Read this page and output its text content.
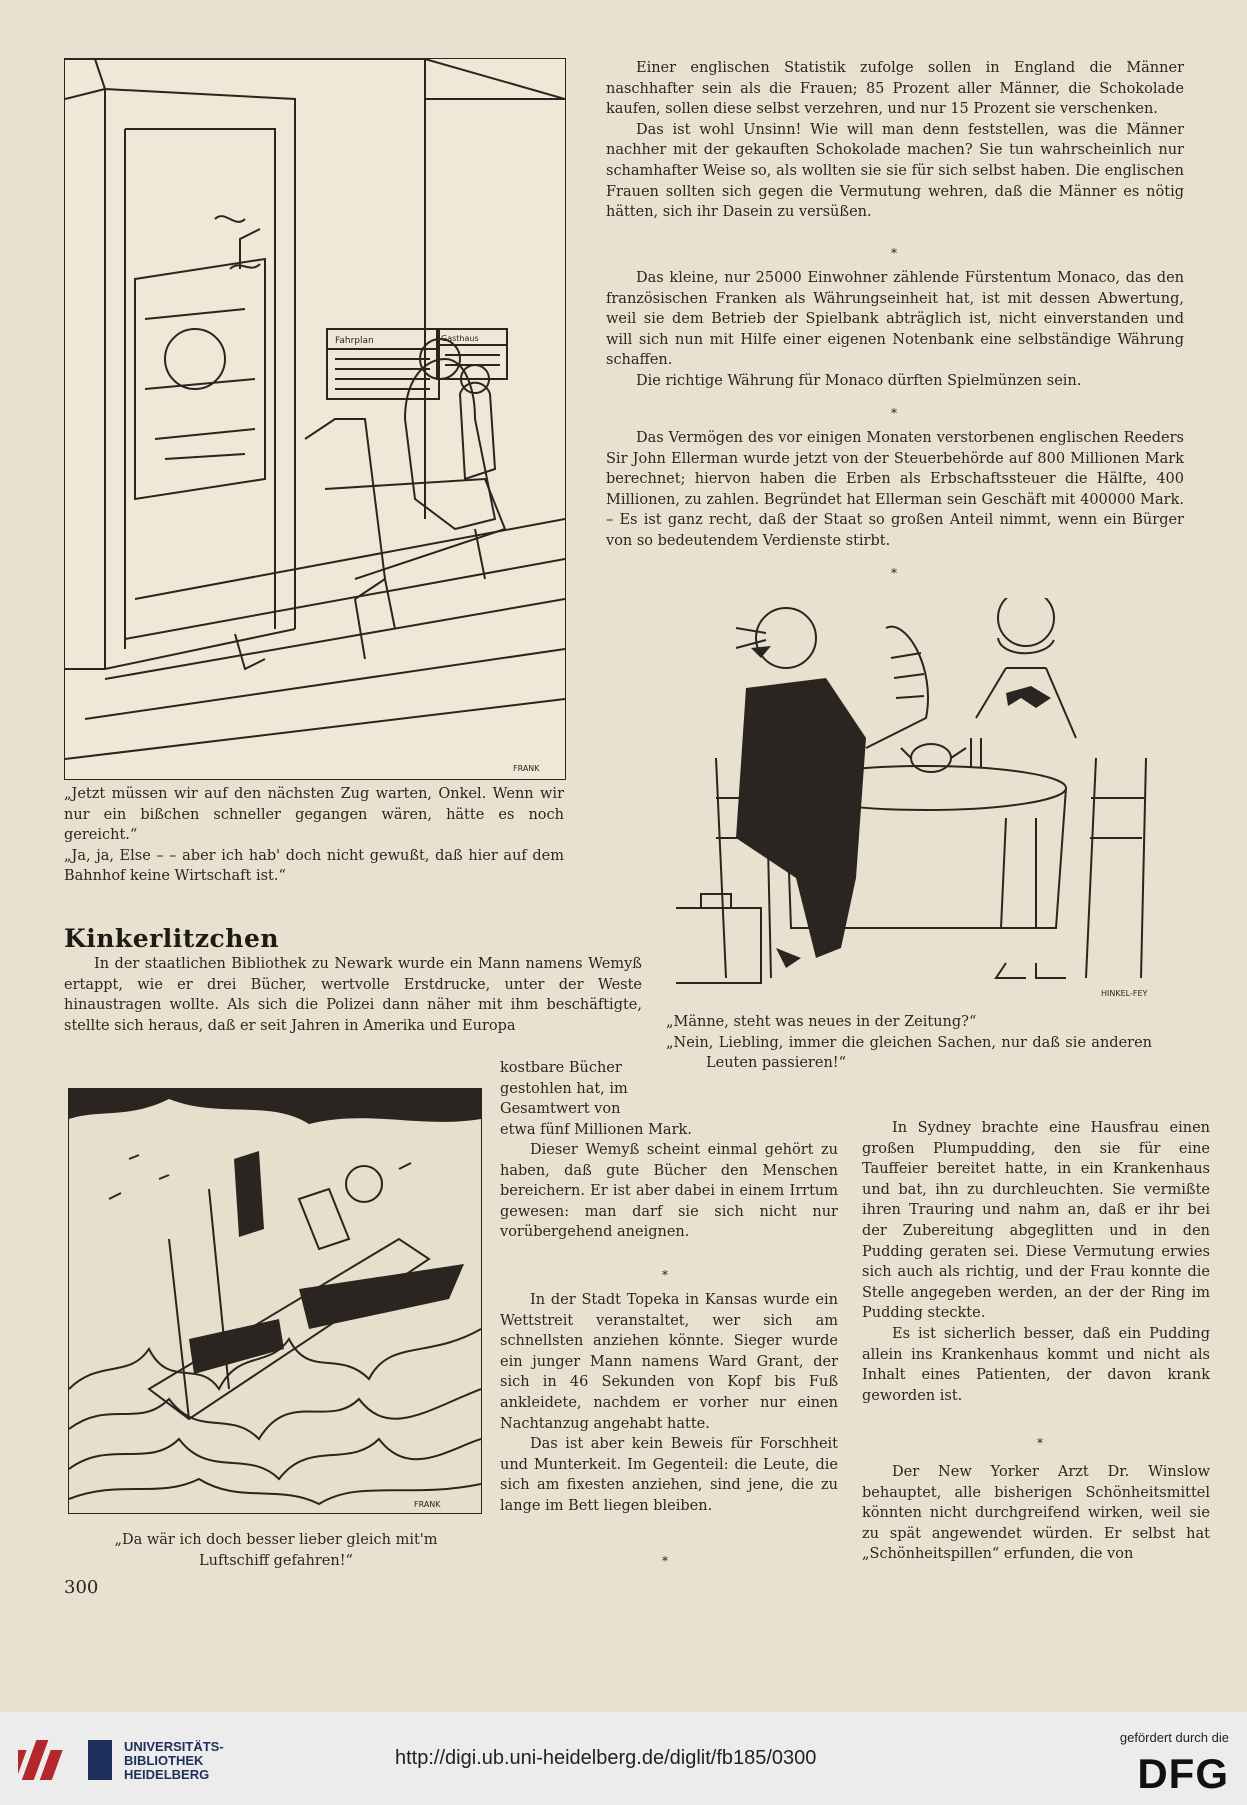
Fahrplan	Gasthaus
FRANK

„Jetzt müssen wir auf den nächsten Zug warten, Onkel. Wenn wir nur ein bißchen schneller gegangen wären, hätte es noch gereicht.“

„Ja, ja, Else – – aber ich hab' doch nicht gewußt, daß hier auf dem Bahnhof keine Wirtschaft ist.“

Einer englischen Statistik zufolge sollen in England die Männer naschhafter sein als die Frauen; 85 Prozent aller Männer, die Schokolade kaufen, sollen diese selbst verzehren, und nur 15 Prozent sie verschenken.

Das ist wohl Unsinn! Wie will man denn feststellen, was die Männer nachher mit der gekauften Schokolade machen? Sie tun wahrscheinlich nur schamhafter Weise so, als wollten sie sie für sich selbst haben. Die englischen Frauen sollten sich gegen die Vermutung wehren, daß die Männer es nötig hätten, sich ihr Dasein zu versüßen.

*

Das kleine, nur 25000 Einwohner zählende Fürstentum Monaco, das den französischen Franken als Währungseinheit hat, ist mit dessen Abwertung, weil sie dem Betrieb der Spielbank abträglich ist, nicht einverstanden und will sich nun mit Hilfe einer eigenen Notenbank eine selbständige Währung schaffen.

Die richtige Währung für Monaco dürften Spielmünzen sein.

*

Das Vermögen des vor einigen Monaten verstorbenen englischen Reeders Sir John Ellerman wurde jetzt von der Steuerbehörde auf 800 Millionen Mark berechnet; hiervon haben die Erben als Erbschaftssteuer die Hälfte, 400 Millionen, zu zahlen. Begründet hat Ellerman sein Geschäft mit 400000 Mark. – Es ist ganz recht, daß der Staat so großen Anteil nimmt, wenn ein Bürger von so bedeutendem Verdienste stirbt.

*
HINKEL-FEY

„Männe, steht was neues in der Zeitung?“

„Nein, Liebling, immer die gleichen Sachen, nur daß sie anderen Leuten passieren!“

Kinkerlitzchen

In der staatlichen Bibliothek zu Newark wurde ein Mann namens Wemyß ertappt, wie er drei Bücher, wertvolle Erstdrucke, unter der Weste hinaustragen wollte. Als sich die Polizei dann näher mit ihm beschäftigte, stellte sich heraus, daß er seit Jahren in Amerika und Europa

kostbare Bücher
gestohlen hat, im
Gesamtwert von
etwa fünf Millionen Mark.

Dieser Wemyß scheint einmal gehört zu haben, daß gute Bücher den Menschen bereichern. Er ist aber dabei in einem Irrtum gewesen: man darf sie sich nicht nur vorübergehend aneignen.

*

In der Stadt Topeka in Kansas wurde ein Wettstreit veranstaltet, wer sich am schnellsten anziehen könnte. Sieger wurde ein junger Mann namens Ward Grant, der sich in 46 Sekunden von Kopf bis Fuß ankleidete, nachdem er vorher nur einen Nachtanzug angehabt hatte.

Das ist aber kein Beweis für Forschheit und Munterkeit. Im Gegenteil: die Leute, die sich am fixesten anziehen, sind jene, die zu lange im Bett liegen bleiben.

*

In Sydney brachte eine Hausfrau einen großen Plumpudding, den sie für eine Tauffeier bereitet hatte, in ein Krankenhaus und bat, ihn zu durchleuchten. Sie vermißte ihren Trauring und nahm an, daß er ihr bei der Zubereitung abgeglitten und in den Pudding geraten sei. Diese Vermutung erwies sich auch als richtig, und der Frau konnte die Stelle angegeben werden, an der der Ring im Pudding steckte.

Es ist sicherlich besser, daß ein Pudding allein ins Krankenhaus kommt und nicht als Inhalt eines Patienten, der davon krank geworden ist.

*

Der New Yorker Arzt Dr. Winslow behauptet, alle bisherigen Schönheitsmittel könnten nicht durchgreifend wirken, weil sie zu spät angewendet würden. Er selbst hat „Schönheitspillen“ erfunden, die von

FRANK
„Da wär ich doch besser lieber gleich mit'm Luftschiff gefahren!“
300
UNIVERSITÄTS-
BIBLIOTHEK
HEIDELBERG
http://digi.ub.uni-heidelberg.de/diglit/fb185/0300
gefördert durch die
DFG
